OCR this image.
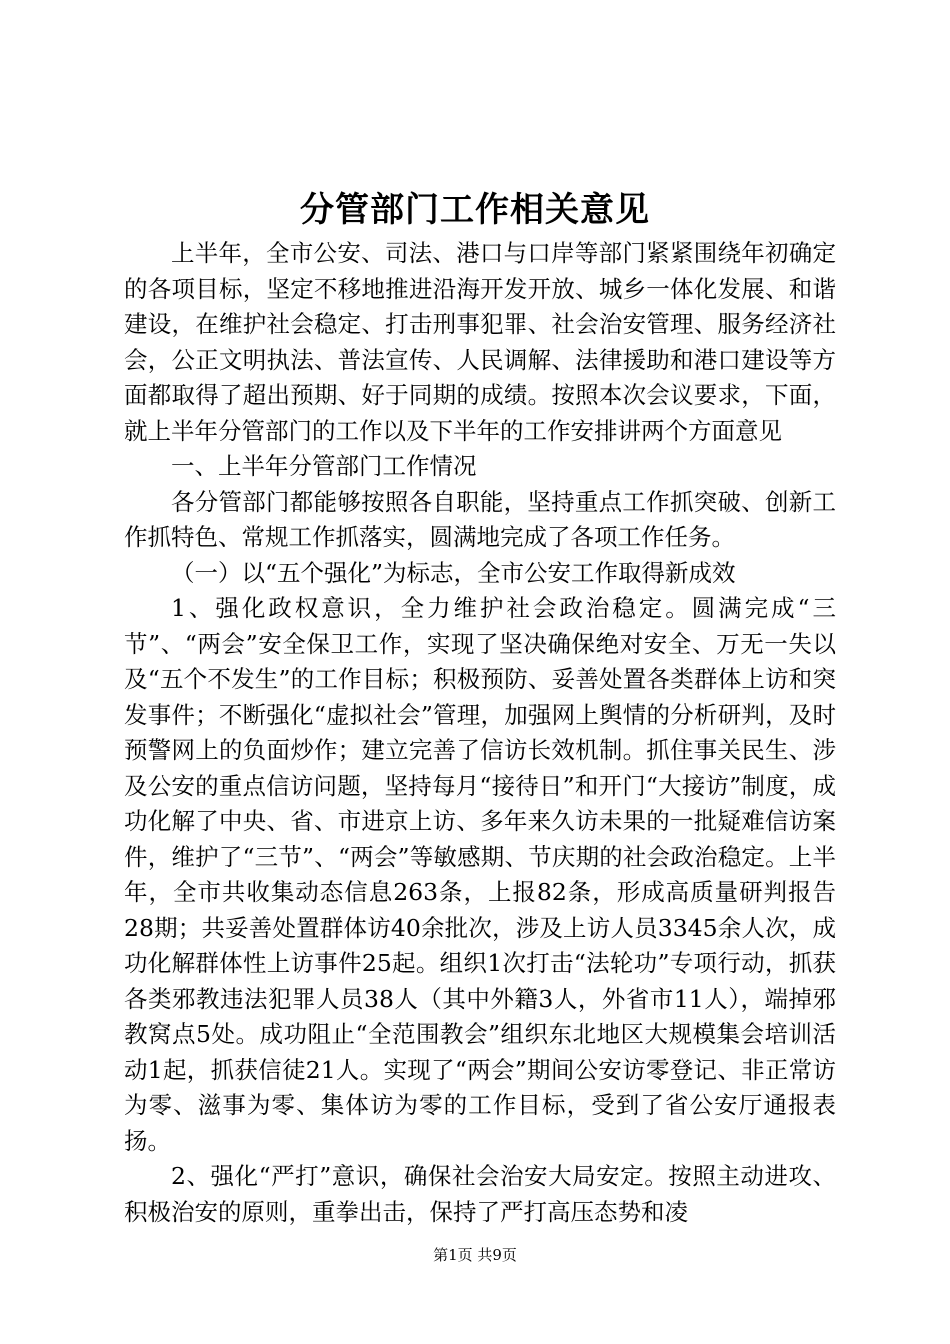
分管部门工作相关意见

上半年，全市公安、司法、港口与口岸等部门紧紧围绕年初确定的各项目标，坚定不移地推进沿海开发开放、城乡一体化发展、和谐建设，在维护社会稳定、打击刑事犯罪、社会治安管理、服务经济社会，公正文明执法、普法宣传、人民调解、法律援助和港口建设等方面都取得了超出预期、好于同期的成绩。按照本次会议要求，下面，就上半年分管部门的工作以及下半年的工作安排讲两个方面意见

一、上半年分管部门工作情况

各分管部门都能够按照各自职能，坚持重点工作抓突破、创新工作抓特色、常规工作抓落实，圆满地完成了各项工作任务。

（一）以“五个强化”为标志，全市公安工作取得新成效

1、强化政权意识，全力维护社会政治稳定。圆满完成“三节”、“两会”安全保卫工作，实现了坚决确保绝对安全、万无一失以及“五个不发生”的工作目标；积极预防、妥善处置各类群体上访和突发事件；不断强化“虚拟社会”管理，加强网上舆情的分析研判，及时预警网上的负面炒作；建立完善了信访长效机制。抓住事关民生、涉及公安的重点信访问题，坚持每月“接待日”和开门“大接访”制度，成功化解了中央、省、市进京上访、多年来久访未果的一批疑难信访案件，维护了“三节”、“两会”等敏感期、节庆期的社会政治稳定。上半年，全市共收集动态信息263条，上报82条，形成高质量研判报告28期；共妥善处置群体访40余批次，涉及上访人员3345余人次，成功化解群体性上访事件25起。组织1次打击“法轮功”专项行动，抓获各类邪教违法犯罪人员38人（其中外籍3人，外省市11人），端掉邪教窝点5处。成功阻止“全范围教会”组织东北地区大规模集会培训活动1起，抓获信徒21人。实现了“两会”期间公安访零登记、非正常访为零、滋事为零、集体访为零的工作目标，受到了省公安厅通报表扬。

2、强化“严打”意识，确保社会治安大局安定。按照主动进攻、积极治安的原则，重拳出击，保持了严打高压态势和凌

第1页 共9页
